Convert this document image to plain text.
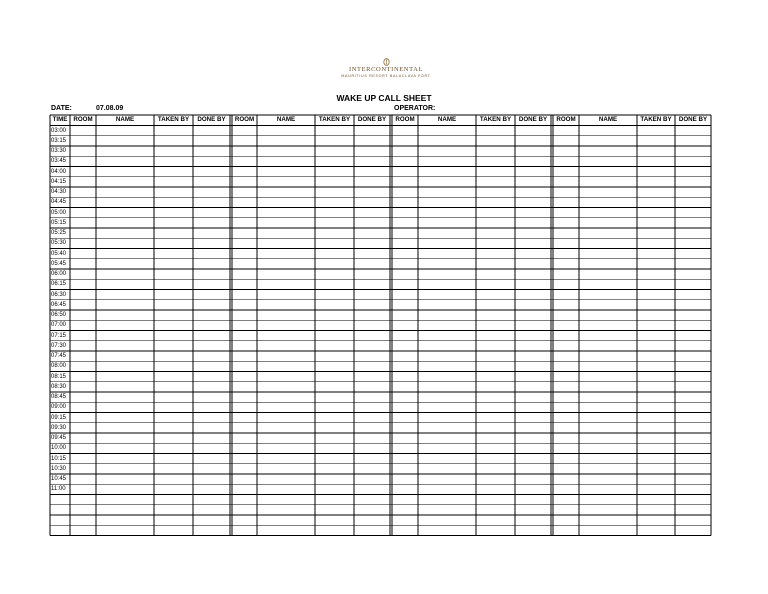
INTERCONTINENTAL
MAURITIUS RESORT BALACLAVA FORT
WAKE UP CALL SHEET
DATE:	07.08.09	OPERATOR:
TIME ROOM	NAME	TAKEN BY	DONE BY	ROOM	NAME	TAKEN BY	DONE BY	ROOM	NAME	TAKEN BY	DONE BY	ROOM	NAME	TAKEN BY	DONE BY
03:00
03:15
03:30
03:45
04:00
04:15
04:30
04:45
05:00
05:15
05:25
05:30
05:40
05:45
06:00
06:15
06:30
06:45
06:50
07:00
07:15
07:30
07:45
08:00
08:15
08:30
08:45
09:00
09:15
09:30
09:45
10:00
10:15
10:30
10:45
11:00
